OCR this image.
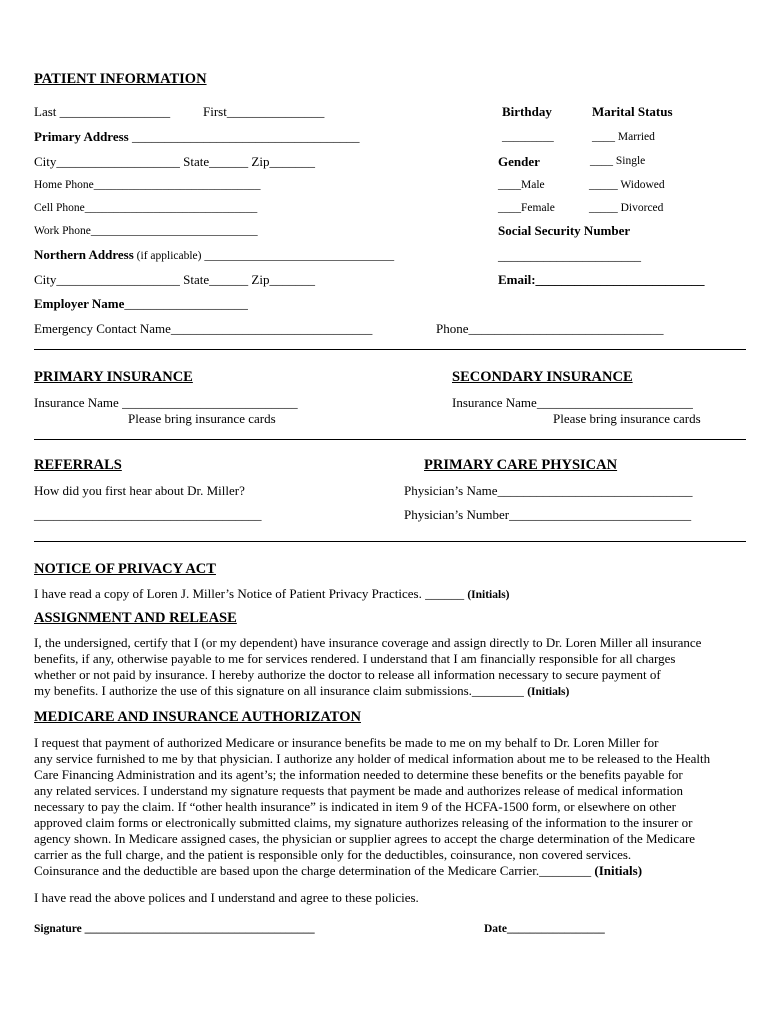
PATIENT INFORMATION
Last _________________	First_______________	Birthday	Marital Status
Primary Address ___________________________________	_________	____ Married
City___________________ State______ Zip_______	Gender	____ Single
Home Phone_____________________________	____Male	_____ Widowed
Cell Phone______________________________	____Female	_____ Divorced
Work Phone_____________________________	Social Security Number
Northern Address (if applicable) _________________________________	______________________
City___________________ State______ Zip_______	Email:__________________________
Employer Name___________________
Emergency Contact Name_______________________________	Phone______________________________
PRIMARY INSURANCE	SECONDARY INSURANCE
Insurance Name ___________________________	Insurance Name________________________
Please bring insurance cards	Please bring insurance cards
REFERRALS	PRIMARY CARE PHYSICAN
How did you first hear about Dr. Miller?	Physician’s Name______________________________
___________________________________	Physician’s Number____________________________
NOTICE OF PRIVACY ACT
I have read a copy of Loren J. Miller’s Notice of Patient Privacy Practices. ______ (Initials)
ASSIGNMENT AND RELEASE
I, the undersigned, certify that I (or my dependent) have insurance coverage and assign directly to Dr. Loren Miller all insurance
benefits, if any, otherwise payable to me for services rendered. I understand that I am financially responsible for all charges
whether or not paid by insurance. I hereby authorize the doctor to release all information necessary to secure payment of
my benefits. I authorize the use of this signature on all insurance claim submissions.________ (Initials)
MEDICARE AND INSURANCE AUTHORIZATON
I request that payment of authorized Medicare or insurance benefits be made to me on my behalf to Dr. Loren Miller for
any service furnished to me by that physician. I authorize any holder of medical information about me to be released to the Health
Care Financing Administration and its agent’s; the information needed to determine these benefits or the benefits payable for
any related services. I understand my signature requests that payment be made and authorizes release of medical information
necessary to pay the claim. If “other health insurance” is indicated in item 9 of the HCFA-1500 form, or elsewhere on other
approved claim forms or electronically submitted claims, my signature authorizes releasing of the information to the insurer or
agency shown. In Medicare assigned cases, the physician or supplier agrees to accept the charge determination of the Medicare
carrier as the full charge, and the patient is responsible only for the deductibles, coinsurance, non covered services.
Coinsurance and the deductible are based upon the charge determination of the Medicare Carrier.________ (Initials)
I have read the above polices and I understand and agree to these policies.
Signature ________________________________________	Date_________________
